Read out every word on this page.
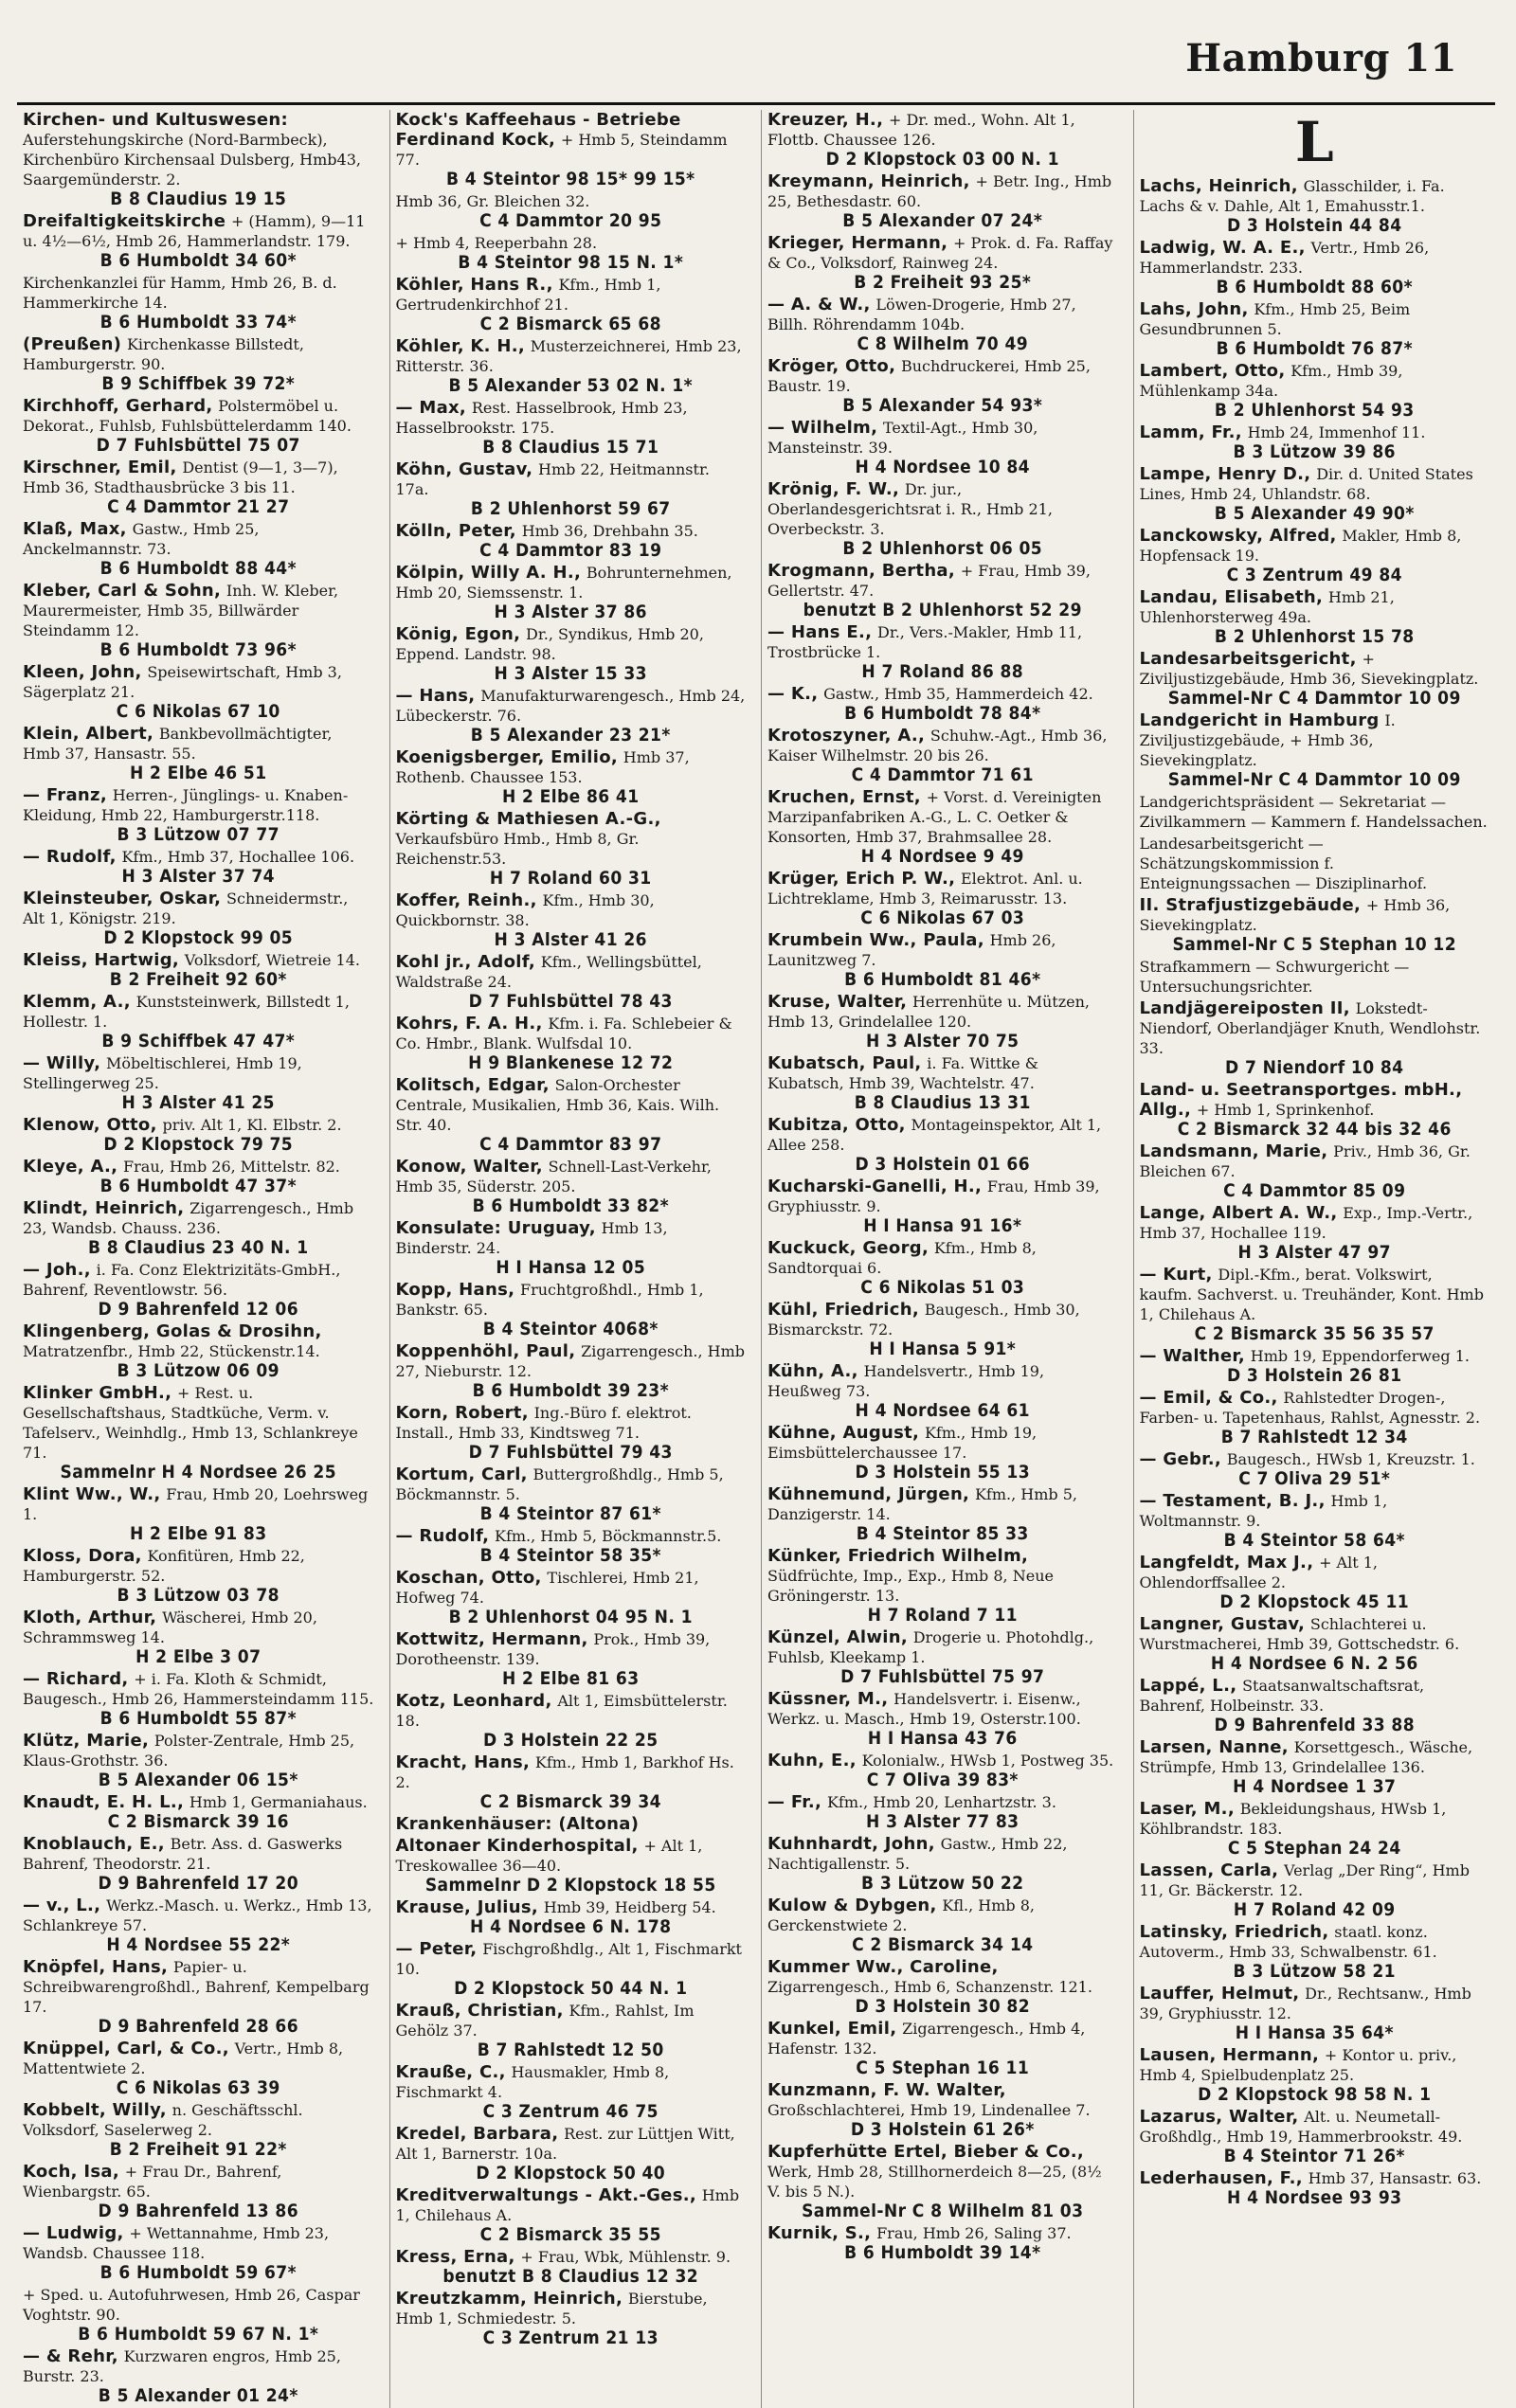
Hamburg 11
Kirchen- und Kultuswesen: Auferstehungskirche (Nord-Barmbeck), Kirchenbüro Kirchensaal Dulsberg, Hmb43, Saargemünderstr. 2.
B 8 Claudius 19 15
Dreifaltigkeitskirche + (Hamm), 9—11 u. 4½—6½, Hmb 26, Hammerlandstr. 179.
B 6 Humboldt 34 60*
Kirchenkanzlei für Hamm, Hmb 26, B. d. Hammerkirche 14.
B 6 Humboldt 33 74*
(Preußen) Kirchenkasse Billstedt, Hamburgerstr. 90.
B 9 Schiffbek 39 72*
Kirchhoff, Gerhard, Polstermöbel u. Dekorat., Fuhlsb, Fuhlsbüttelerdamm 140.
D 7 Fuhlsbüttel 75 07
Kirschner, Emil, Dentist (9—1, 3—7), Hmb 36, Stadthausbrücke 3 bis 11.
C 4 Dammtor 21 27
Klaß, Max, Gastw., Hmb 25, Anckelmannstr. 73.
B 6 Humboldt 88 44*
Kleber, Carl & Sohn, Inh. W. Kleber, Maurermeister, Hmb 35, Billwärder Steindamm 12.
B 6 Humboldt 73 96*
Kleen, John, Speisewirtschaft, Hmb 3, Sägerplatz 21.
C 6 Nikolas 67 10
Klein, Albert, Bankbevollmächtigter, Hmb 37, Hansastr. 55.
H 2 Elbe 46 51
— Franz, Herren-, Jünglings- u. Knaben-Kleidung, Hmb 22, Hamburgerstr.118.
B 3 Lützow 07 77
— Rudolf, Kfm., Hmb 37, Hochallee 106.
H 3 Alster 37 74
Kleinsteuber, Oskar, Schneidermstr., Alt 1, Königstr. 219.
D 2 Klopstock 99 05
Kleiss, Hartwig, Volksdorf, Wietreie 14.
B 2 Freiheit 92 60*
Klemm, A., Kunststeinwerk, Billstedt 1, Hollestr. 1.
B 9 Schiffbek 47 47*
— Willy, Möbeltischlerei, Hmb 19, Stellingerweg 25.
H 3 Alster 41 25
Klenow, Otto, priv. Alt 1, Kl. Elbstr. 2.
D 2 Klopstock 79 75
Kleye, A., Frau, Hmb 26, Mittelstr. 82.
B 6 Humboldt 47 37*
Klindt, Heinrich, Zigarrengesch., Hmb 23, Wandsb. Chauss. 236.
B 8 Claudius 23 40 N. 1
— Joh., i. Fa. Conz Elektrizitäts-GmbH., Bahrenf, Reventlowstr. 56.
D 9 Bahrenfeld 12 06
Klingenberg, Golas & Drosihn, Matratzenfbr., Hmb 22, Stückenstr.14.
B 3 Lützow 06 09
Klinker GmbH., + Rest. u. Gesellschaftshaus, Stadtküche, Verm. v. Tafelserv., Weinhdlg., Hmb 13, Schlankreye 71.
Sammelnr H 4 Nordsee 26 25
Klint Ww., W., Frau, Hmb 20, Loehrsweg 1.
H 2 Elbe 91 83
Kloss, Dora, Konfitüren, Hmb 22, Hamburgerstr. 52.
B 3 Lützow 03 78
Kloth, Arthur, Wäscherei, Hmb 20, Schrammsweg 14.
H 2 Elbe 3 07
— Richard, + i. Fa. Kloth & Schmidt, Baugesch., Hmb 26, Hammersteindamm 115.
B 6 Humboldt 55 87*
Klütz, Marie, Polster-Zentrale, Hmb 25, Klaus-Grothstr. 36.
B 5 Alexander 06 15*
Knaudt, E. H. L., Hmb 1, Germaniahaus.
C 2 Bismarck 39 16
Knoblauch, E., Betr. Ass. d. Gaswerks Bahrenf, Theodorstr. 21.
D 9 Bahrenfeld 17 20
— v., L., Werkz.-Masch. u. Werkz., Hmb 13, Schlankreye 57.
H 4 Nordsee 55 22*
Knöpfel, Hans, Papier- u. Schreibwarengroßhdl., Bahrenf, Kempelbarg 17.
D 9 Bahrenfeld 28 66
Knüppel, Carl, & Co., Vertr., Hmb 8, Mattentwiete 2.
C 6 Nikolas 63 39
Kobbelt, Willy, n. Geschäftsschl. Volksdorf, Saselerweg 2.
B 2 Freiheit 91 22*
Koch, Isa, + Frau Dr., Bahrenf, Wienbargstr. 65.
D 9 Bahrenfeld 13 86
— Ludwig, + Wettannahme, Hmb 23, Wandsb. Chaussee 118.
B 6 Humboldt 59 67*
+ Sped. u. Autofuhrwesen, Hmb 26, Caspar Voghtstr. 90.
B 6 Humboldt 59 67 N. 1*
— & Rehr, Kurzwaren engros, Hmb 25, Burstr. 23.
B 5 Alexander 01 24*
Kock's Kaffeehaus - Betriebe Ferdinand Kock, + Hmb 5, Steindamm 77.
B 4 Steintor 98 15* 99 15*
Hmb 36, Gr. Bleichen 32.
C 4 Dammtor 20 95
+ Hmb 4, Reeperbahn 28.
B 4 Steintor 98 15 N. 1*
Köhler, Hans R., Kfm., Hmb 1, Gertrudenkirchhof 21.
C 2 Bismarck 65 68
Köhler, K. H., Musterzeichnerei, Hmb 23, Ritterstr. 36.
B 5 Alexander 53 02 N. 1*
— Max, Rest. Hasselbrook, Hmb 23, Hasselbrookstr. 175.
B 8 Claudius 15 71
Köhn, Gustav, Hmb 22, Heitmannstr. 17a.
B 2 Uhlenhorst 59 67
Kölln, Peter, Hmb 36, Drehbahn 35.
C 4 Dammtor 83 19
Kölpin, Willy A. H., Bohrunternehmen, Hmb 20, Siemssenstr. 1.
H 3 Alster 37 86
König, Egon, Dr., Syndikus, Hmb 20, Eppend. Landstr. 98.
H 3 Alster 15 33
— Hans, Manufakturwarengesch., Hmb 24, Lübeckerstr. 76.
B 5 Alexander 23 21*
Koenigsberger, Emilio, Hmb 37, Rothenb. Chaussee 153.
H 2 Elbe 86 41
Körting & Mathiesen A.-G., Verkaufsbüro Hmb., Hmb 8, Gr. Reichenstr.53.
H 7 Roland 60 31
Koffer, Reinh., Kfm., Hmb 30, Quickbornstr. 38.
H 3 Alster 41 26
Kohl jr., Adolf, Kfm., Wellingsbüttel, Waldstraße 24.
D 7 Fuhlsbüttel 78 43
Kohrs, F. A. H., Kfm. i. Fa. Schlebeier & Co. Hmbr., Blank. Wulfsdal 10.
H 9 Blankenese 12 72
Kolitsch, Edgar, Salon-Orchester Centrale, Musikalien, Hmb 36, Kais. Wilh. Str. 40.
C 4 Dammtor 83 97
Konow, Walter, Schnell-Last-Verkehr, Hmb 35, Süderstr. 205.
B 6 Humboldt 33 82*
Konsulate: Uruguay, Hmb 13, Binderstr. 24.
H I Hansa 12 05
Kopp, Hans, Fruchtgroßhdl., Hmb 1, Bankstr. 65.
B 4 Steintor 4068*
Koppenhöhl, Paul, Zigarrengesch., Hmb 27, Nieburstr. 12.
B 6 Humboldt 39 23*
Korn, Robert, Ing.-Büro f. elektrot. Install., Hmb 33, Kindtsweg 71.
D 7 Fuhlsbüttel 79 43
Kortum, Carl, Buttergroßhdlg., Hmb 5, Böckmannstr. 5.
B 4 Steintor 87 61*
— Rudolf, Kfm., Hmb 5, Böckmannstr.5.
B 4 Steintor 58 35*
Koschan, Otto, Tischlerei, Hmb 21, Hofweg 74.
B 2 Uhlenhorst 04 95 N. 1
Kottwitz, Hermann, Prok., Hmb 39, Dorotheenstr. 139.
H 2 Elbe 81 63
Kotz, Leonhard, Alt 1, Eimsbüttelerstr. 18.
D 3 Holstein 22 25
Kracht, Hans, Kfm., Hmb 1, Barkhof Hs. 2.
C 2 Bismarck 39 34
Krankenhäuser: (Altona)
Altonaer Kinderhospital, + Alt 1, Treskowallee 36—40.
Sammelnr D 2 Klopstock 18 55
Krause, Julius, Hmb 39, Heidberg 54.
H 4 Nordsee 6 N. 178
— Peter, Fischgroßhdlg., Alt 1, Fischmarkt 10.
D 2 Klopstock 50 44 N. 1
Krauß, Christian, Kfm., Rahlst, Im Gehölz 37.
B 7 Rahlstedt 12 50
Krauße, C., Hausmakler, Hmb 8, Fischmarkt 4.
C 3 Zentrum 46 75
Kredel, Barbara, Rest. zur Lüttjen Witt, Alt 1, Barnerstr. 10a.
D 2 Klopstock 50 40
Kreditverwaltungs - Akt.-Ges., Hmb 1, Chilehaus A.
C 2 Bismarck 35 55
Kress, Erna, + Frau, Wbk, Mühlenstr. 9.
benutzt B 8 Claudius 12 32
Kreutzkamm, Heinrich, Bierstube, Hmb 1, Schmiedestr. 5.
C 3 Zentrum 21 13
Kreuzer, H., + Dr. med., Wohn. Alt 1, Flottb. Chaussee 126.
D 2 Klopstock 03 00 N. 1
Kreymann, Heinrich, + Betr. Ing., Hmb 25, Bethesdastr. 60.
B 5 Alexander 07 24*
Krieger, Hermann, + Prok. d. Fa. Raffay & Co., Volksdorf, Rainweg 24.
B 2 Freiheit 93 25*
— A. & W., Löwen-Drogerie, Hmb 27, Billh. Röhrendamm 104b.
C 8 Wilhelm 70 49
Kröger, Otto, Buchdruckerei, Hmb 25, Baustr. 19.
B 5 Alexander 54 93*
— Wilhelm, Textil-Agt., Hmb 30, Mansteinstr. 39.
H 4 Nordsee 10 84
Krönig, F. W., Dr. jur., Oberlandesgerichtsrat i. R., Hmb 21, Overbeckstr. 3.
B 2 Uhlenhorst 06 05
Krogmann, Bertha, + Frau, Hmb 39, Gellertstr. 47.
benutzt B 2 Uhlenhorst 52 29
— Hans E., Dr., Vers.-Makler, Hmb 11, Trostbrücke 1.
H 7 Roland 86 88
— K., Gastw., Hmb 35, Hammerdeich 42.
B 6 Humboldt 78 84*
Krotoszyner, A., Schuhw.-Agt., Hmb 36, Kaiser Wilhelmstr. 20 bis 26.
C 4 Dammtor 71 61
Kruchen, Ernst, + Vorst. d. Vereinigten Marzipanfabriken A.-G., L. C. Oetker & Konsorten, Hmb 37, Brahmsallee 28.
H 4 Nordsee 9 49
Krüger, Erich P. W., Elektrot. Anl. u. Lichtreklame, Hmb 3, Reimarusstr. 13.
C 6 Nikolas 67 03
Krumbein Ww., Paula, Hmb 26, Launitzweg 7.
B 6 Humboldt 81 46*
Kruse, Walter, Herrenhüte u. Mützen, Hmb 13, Grindelallee 120.
H 3 Alster 70 75
Kubatsch, Paul, i. Fa. Wittke & Kubatsch, Hmb 39, Wachtelstr. 47.
B 8 Claudius 13 31
Kubitza, Otto, Montageinspektor, Alt 1, Allee 258.
D 3 Holstein 01 66
Kucharski-Ganelli, H., Frau, Hmb 39, Gryphiusstr. 9.
H I Hansa 91 16*
Kuckuck, Georg, Kfm., Hmb 8, Sandtorquai 6.
C 6 Nikolas 51 03
Kühl, Friedrich, Baugesch., Hmb 30, Bismarckstr. 72.
H I Hansa 5 91*
Kühn, A., Handelsvertr., Hmb 19, Heußweg 73.
H 4 Nordsee 64 61
Kühne, August, Kfm., Hmb 19, Eimsbüttelerchaussee 17.
D 3 Holstein 55 13
Kühnemund, Jürgen, Kfm., Hmb 5, Danzigerstr. 14.
B 4 Steintor 85 33
Künker, Friedrich Wilhelm, Südfrüchte, Imp., Exp., Hmb 8, Neue Gröningerstr. 13.
H 7 Roland 7 11
Künzel, Alwin, Drogerie u. Photohdlg., Fuhlsb, Kleekamp 1.
D 7 Fuhlsbüttel 75 97
Küssner, M., Handelsvertr. i. Eisenw., Werkz. u. Masch., Hmb 19, Osterstr.100.
H I Hansa 43 76
Kuhn, E., Kolonialw., HWsb 1, Postweg 35.
C 7 Oliva 39 83*
— Fr., Kfm., Hmb 20, Lenhartzstr. 3.
H 3 Alster 77 83
Kuhnhardt, John, Gastw., Hmb 22, Nachtigallenstr. 5.
B 3 Lützow 50 22
Kulow & Dybgen, Kfl., Hmb 8, Gerckenstwiete 2.
C 2 Bismarck 34 14
Kummer Ww., Caroline, Zigarrengesch., Hmb 6, Schanzenstr. 121.
D 3 Holstein 30 82
Kunkel, Emil, Zigarrengesch., Hmb 4, Hafenstr. 132.
C 5 Stephan 16 11
Kunzmann, F. W. Walter, Großschlachterei, Hmb 19, Lindenallee 7.
D 3 Holstein 61 26*
Kupferhütte Ertel, Bieber & Co., Werk, Hmb 28, Stillhornerdeich 8—25, (8½ V. bis 5 N.).
Sammel-Nr C 8 Wilhelm 81 03
Kurnik, S., Frau, Hmb 26, Saling 37.
B 6 Humboldt 39 14*
L
Lachs, Heinrich, Glasschilder, i. Fa. Lachs & v. Dahle, Alt 1, Emahusstr.1.
D 3 Holstein 44 84
Ladwig, W. A. E., Vertr., Hmb 26, Hammerlandstr. 233.
B 6 Humboldt 88 60*
Lahs, John, Kfm., Hmb 25, Beim Gesundbrunnen 5.
B 6 Humboldt 76 87*
Lambert, Otto, Kfm., Hmb 39, Mühlenkamp 34a.
B 2 Uhlenhorst 54 93
Lamm, Fr., Hmb 24, Immenhof 11.
B 3 Lützow 39 86
Lampe, Henry D., Dir. d. United States Lines, Hmb 24, Uhlandstr. 68.
B 5 Alexander 49 90*
Lanckowsky, Alfred, Makler, Hmb 8, Hopfensack 19.
C 3 Zentrum 49 84
Landau, Elisabeth, Hmb 21, Uhlenhorsterweg 49a.
B 2 Uhlenhorst 15 78
Landesarbeitsgericht, + Ziviljustizgebäude, Hmb 36, Sievekingplatz.
Sammel-Nr C 4 Dammtor 10 09
Landgericht in Hamburg I. Ziviljustizgebäude, + Hmb 36, Sievekingplatz.
Sammel-Nr C 4 Dammtor 10 09
Landgerichtspräsident — Sekretariat — Zivilkammern — Kammern f. Handelssachen.
Landesarbeitsgericht — Schätzungskommission f. Enteignungssachen — Disziplinarhof.
II. Strafjustizgebäude, + Hmb 36, Sievekingplatz.
Sammel-Nr C 5 Stephan 10 12
Strafkammern — Schwurgericht — Untersuchungsrichter.
Landjägereiposten II, Lokstedt-Niendorf, Oberlandjäger Knuth, Wendlohstr. 33.
D 7 Niendorf 10 84
Land- u. Seetransportges. mbH., Allg., + Hmb 1, Sprinkenhof.
C 2 Bismarck 32 44 bis 32 46
Landsmann, Marie, Priv., Hmb 36, Gr. Bleichen 67.
C 4 Dammtor 85 09
Lange, Albert A. W., Exp., Imp.-Vertr., Hmb 37, Hochallee 119.
H 3 Alster 47 97
— Kurt, Dipl.-Kfm., berat. Volkswirt, kaufm. Sachverst. u. Treuhänder, Kont. Hmb 1, Chilehaus A.
C 2 Bismarck 35 56 35 57
— Walther, Hmb 19, Eppendorferweg 1.
D 3 Holstein 26 81
— Emil, & Co., Rahlstedter Drogen-, Farben- u. Tapetenhaus, Rahlst, Agnesstr. 2.
B 7 Rahlstedt 12 34
— Gebr., Baugesch., HWsb 1, Kreuzstr. 1.
C 7 Oliva 29 51*
— Testament, B. J., Hmb 1, Woltmannstr. 9.
B 4 Steintor 58 64*
Langfeldt, Max J., + Alt 1, Ohlendorffsallee 2.
D 2 Klopstock 45 11
Langner, Gustav, Schlachterei u. Wurstmacherei, Hmb 39, Gottschedstr. 6.
H 4 Nordsee 6 N. 2 56
Lappé, L., Staatsanwaltschaftsrat, Bahrenf, Holbeinstr. 33.
D 9 Bahrenfeld 33 88
Larsen, Nanne, Korsettgesch., Wäsche, Strümpfe, Hmb 13, Grindelallee 136.
H 4 Nordsee 1 37
Laser, M., Bekleidungshaus, HWsb 1, Köhlbrandstr. 183.
C 5 Stephan 24 24
Lassen, Carla, Verlag „Der Ring“, Hmb 11, Gr. Bäckerstr. 12.
H 7 Roland 42 09
Latinsky, Friedrich, staatl. konz. Autoverm., Hmb 33, Schwalbenstr. 61.
B 3 Lützow 58 21
Lauffer, Helmut, Dr., Rechtsanw., Hmb 39, Gryphiusstr. 12.
H I Hansa 35 64*
Lausen, Hermann, + Kontor u. priv., Hmb 4, Spielbudenplatz 25.
D 2 Klopstock 98 58 N. 1
Lazarus, Walter, Alt. u. Neumetall-Großhdlg., Hmb 19, Hammerbrookstr. 49.
B 4 Steintor 71 26*
Lederhausen, F., Hmb 37, Hansastr. 63.
H 4 Nordsee 93 93
